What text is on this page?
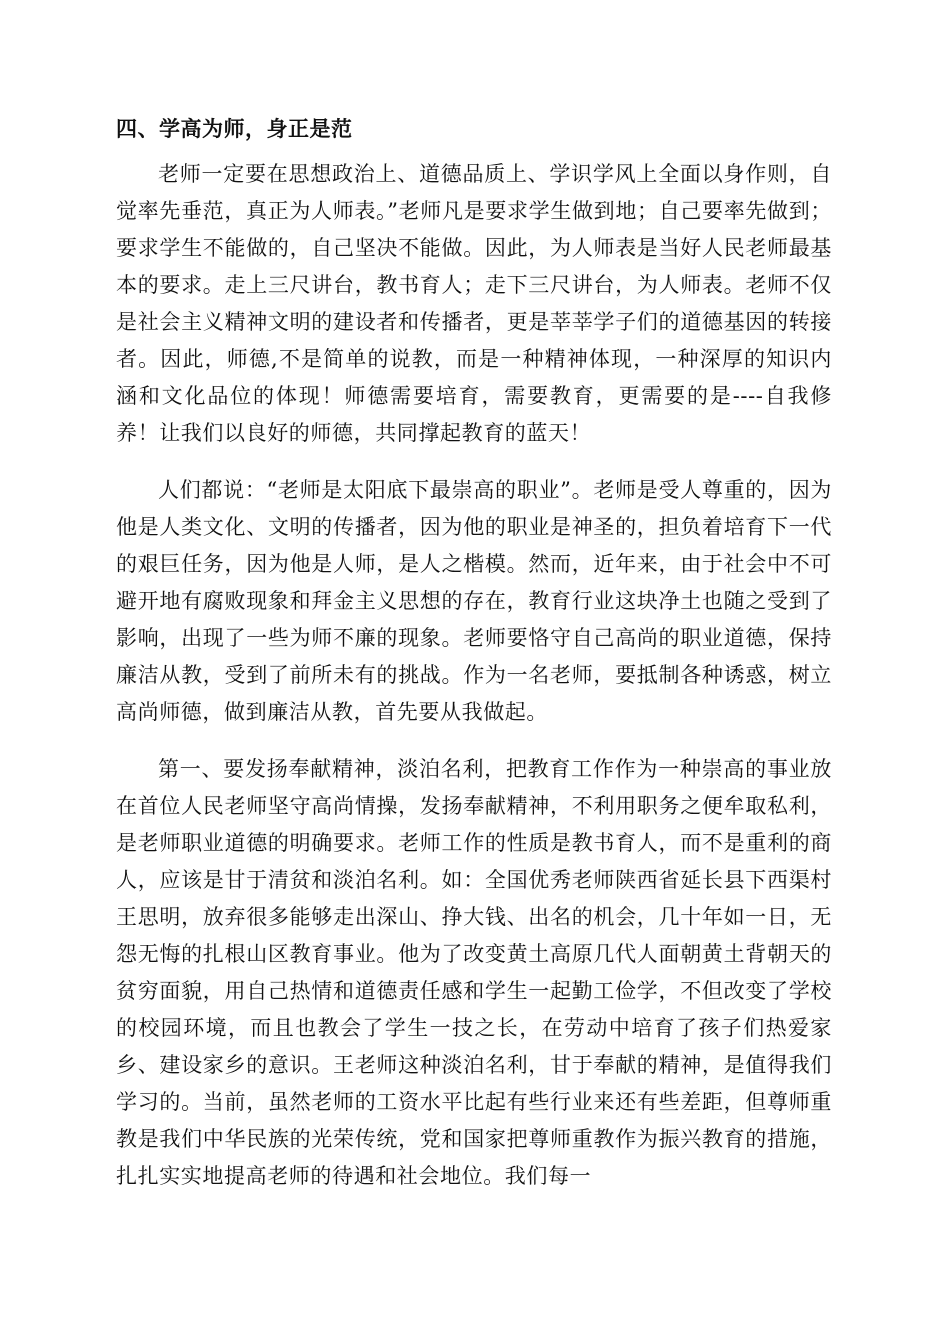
四、学高为师，身正是范

老师一定要在思想政治上、道德品质上、学识学风上全面以身作则，自觉率先垂范，真正为人师表。”老师凡是要求学生做到地；自己要率先做到；要求学生不能做的，自己坚决不能做。因此，为人师表是当好人民老师最基本的要求。走上三尺讲台，教书育人；走下三尺讲台，为人师表。老师不仅是社会主义精神文明的建设者和传播者，更是莘莘学子们的道德基因的转接者。因此，师德,不是简单的说教，而是一种精神体现，一种深厚的知识内涵和文化品位的体现！师德需要培育，需要教育，更需要的是----自我修养！让我们以良好的师德，共同撑起教育的蓝天！

人们都说：“老师是太阳底下最崇高的职业”。老师是受人尊重的，因为他是人类文化、文明的传播者，因为他的职业是神圣的，担负着培育下一代的艰巨任务，因为他是人师，是人之楷模。然而，近年来，由于社会中不可避开地有腐败现象和拜金主义思想的存在，教育行业这块净土也随之受到了影响，出现了一些为师不廉的现象。老师要恪守自己高尚的职业道德，保持廉洁从教，受到了前所未有的挑战。作为一名老师，要抵制各种诱惑，树立高尚师德，做到廉洁从教，首先要从我做起。

第一、要发扬奉献精神，淡泊名利，把教育工作作为一种崇高的事业放在首位人民老师坚守高尚情操，发扬奉献精神，不利用职务之便牟取私利，是老师职业道德的明确要求。老师工作的性质是教书育人，而不是重利的商人，应该是甘于清贫和淡泊名利。如：全国优秀老师陕西省延长县下西渠村王思明，放弃很多能够走出深山、挣大钱、出名的机会，几十年如一日，无怨无悔的扎根山区教育事业。他为了改变黄土高原几代人面朝黄土背朝天的贫穷面貌，用自己热情和道德责任感和学生一起勤工俭学，不但改变了学校的校园环境，而且也教会了学生一技之长，在劳动中培育了孩子们热爱家乡、建设家乡的意识。王老师这种淡泊名利，甘于奉献的精神，是值得我们学习的。当前，虽然老师的工资水平比起有些行业来还有些差距，但尊师重教是我们中华民族的光荣传统，党和国家把尊师重教作为振兴教育的措施，扎扎实实地提高老师的待遇和社会地位。我们每一
